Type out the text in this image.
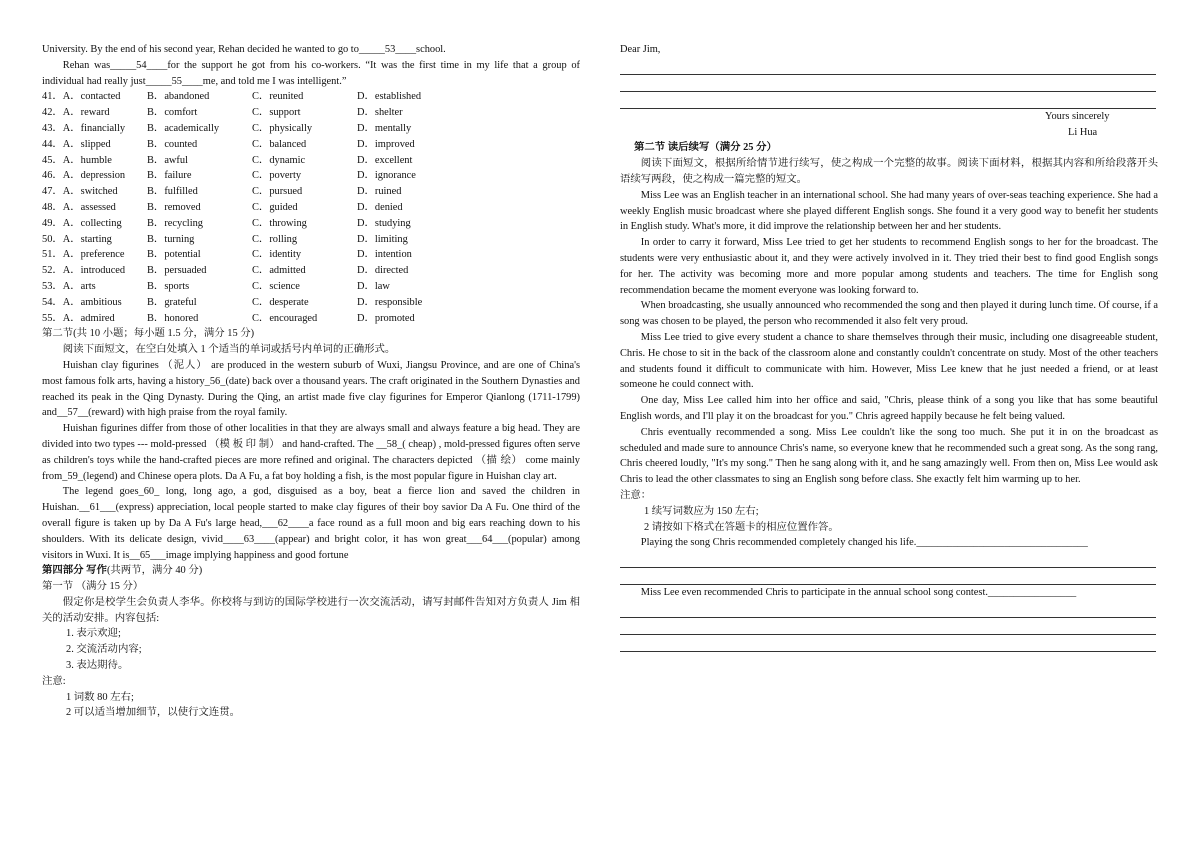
University. By the end of his second year, Rehan decided he wanted to go to_____53____school.

Rehan was_____54____for the support he got from his co-workers. “It was the first time in my life that a group of individual had really just_____55____me, and told me I was intelligent.”

41．A．contacted	B．abandoned	C．reunited	D．established
42．A．reward	B．comfort	C．support	D．shelter
43．A．financially	B．academically	C．physically	D．mentally
44．A．slipped	B．counted	C．balanced	D．improved
45．A．humble	B．awful	C．dynamic	D．excellent
46．A．depression	B．failure	C．poverty	D．ignorance
47．A．switched	B．fulfilled	C．pursued	D．ruined
48．A．assessed	B．removed	C．guided	D．denied
49．A．collecting	B．recycling	C．throwing	D．studying
50．A．starting	B．turning	C．rolling	D．limiting
51．A．preference	B．potential	C．identity	D．intention
52．A．introduced	B．persuaded	C．admitted	D．directed
53．A．arts	B．sports	C．science	D．law
54．A．ambitious	B．grateful	C．desperate	D．responsible
55．A．admired	B．honored	C．encouraged	D．promoted

第二节(共 10 小题；每小题 1.5 分，满分 15 分)

阅读下面短文，在空白处填入 1 个适当的单词或括号内单词的正确形式。

Huishan clay figurines （泥人） are produced in the western suburb of Wuxi, Jiangsu Province, and are one of China's most famous folk arts, having a history_56_(date) back over a thousand years. The craft originated in the Southern Dynasties and reached its peak in the Qing Dynasty. During the Qing, an artist made five clay figurines for Emperor Qianlong (1711-1799) and__57__(reward) with high praise from the royal family.

Huishan figurines differ from those of other localities in that they are always small and always feature a big head. They are divided into two types --- mold-pressed （模 板 印 制） and hand-crafted. The __58_( cheap) , mold-pressed figures often serve as children's toys while the hand-crafted pieces are more refined and original. The characters depicted （描 绘） come mainly from_59_(legend) and Chinese opera plots. Da A Fu, a fat boy holding a fish, is the most popular figure in Huishan clay art.

The legend goes_60_ long, long ago, a god, disguised as a boy, beat a fierce lion and saved the children in Huishan.__61___(express) appreciation, local people started to make clay figures of their boy savior Da A Fu. One third of the overall figure is taken up by Da A Fu's large head,___62____a face round as a full moon and big ears reaching down to his shoulders. With its delicate design, vivid____63____(appear) and bright color, it has won great___64___(popular) among visitors in Wuxi. It is__65___image implying happiness and good fortune

第四部分 写作(共两节，满分 40 分)

第一节 （满分 15 分）

假定你是校学生会负责人李华。你校将与到访的国际学校进行一次交流活动，请写封邮件告知对方负责人 Jim 相关的活动安排。内容包括:

1. 表示欢迎;

2. 交流活动内容;

3. 表达期待。

注意:

1 词数 80 左右;

2 可以适当增加细节，以使行文连贯。

Dear Jim,

Yours sincerely

Li Hua

第二节 读后续写（满分 25 分）

阅读下面短文，根据所给情节进行续写，使之构成一个完整的故事。阅读下面材料，根据其内容和所给段落开头语续写两段，使之构成一篇完整的短文。

Miss Lee was an English teacher in an international school. She had many years of over-seas teaching experience. She had a weekly English music broadcast where she played different English songs. She found it a very good way to benefit her students in English study. What's more, it did improve the relationship between her and her students.

In order to carry it forward, Miss Lee tried to get her students to recommend English songs to her for the broadcast. The students were very enthusiastic about it, and they were actively involved in it. They tried their best to find good English songs for her. The activity was becoming more and more popular among students and teachers. The time for English song recommendation became the moment everyone was looking forward to.

When broadcasting, she usually announced who recommended the song and then played it during lunch time. Of course, if a song was chosen to be played, the person who recommended it also felt very proud.

Miss Lee tried to give every student a chance to share themselves through their music, including one disagreeable student, Chris. He chose to sit in the back of the classroom alone and constantly couldn't concentrate on study. Most of the other teachers and students found it difficult to communicate with him. However, Miss Lee knew that he just needed a friend, or at least someone he could connect with.

One day, Miss Lee called him into her office and said, "Chris, please think of a song you like that has some beautiful English words, and I'll play it on the broadcast for you." Chris agreed happily because he felt being valued.

Chris eventually recommended a song. Miss Lee couldn't like the song too much. She put it in on the broadcast as scheduled and made sure to announce Chris's name, so everyone knew that he recommended such a great song. As the song rang, Chris cheered loudly, "It's my song." Then he sang along with it, and he sang amazingly well. From then on, Miss Lee would ask Chris to lead the other classmates to sing an English song before class. She exactly felt him warming up to her.

注意：

1 续写词数应为 150 左右;

2 请按如下格式在答题卡的相应位置作答。

Playing the song Chris recommended completely changed his life._________________________________

Miss Lee even recommended Chris to participate in the annual school song contest._________________
